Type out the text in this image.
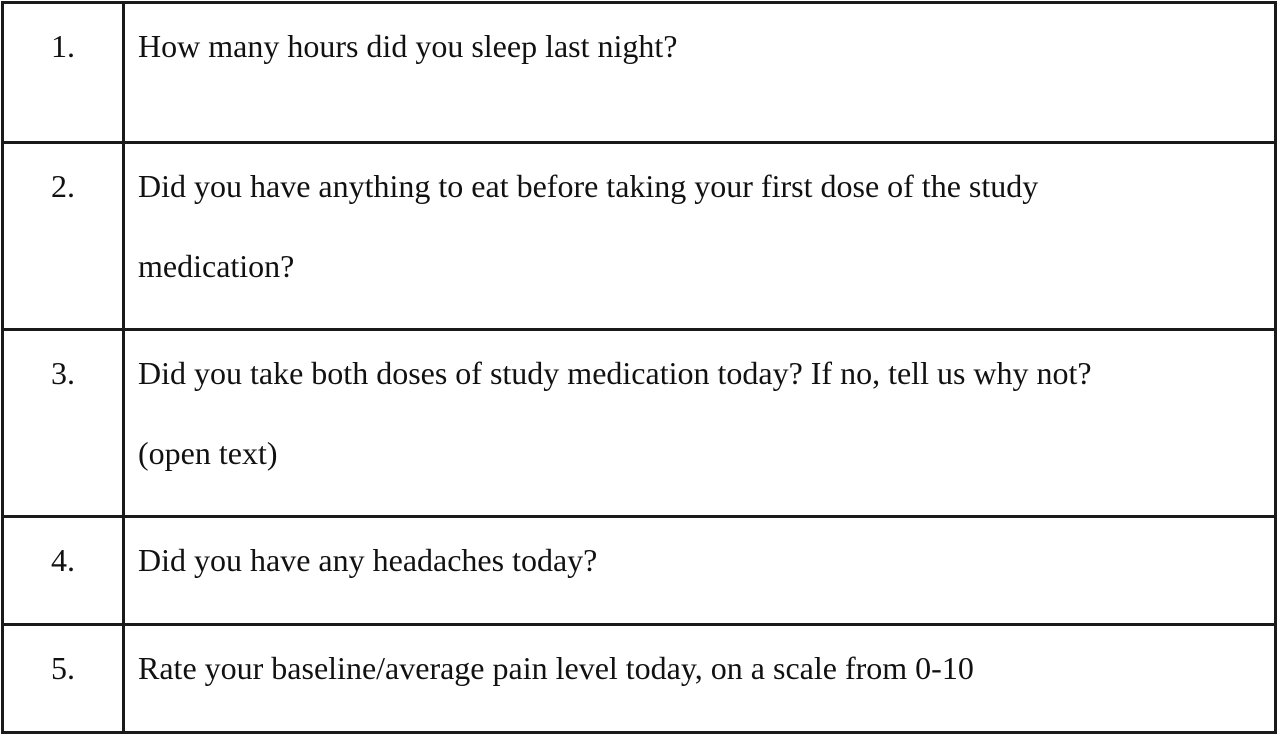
1.	How many hours did you sleep last night?

2.	Did you have anything to eat before taking your first dose of the study
medication?

3.	Did you take both doses of study medication today? If no, tell us why not?
(open text)

4.	Did you have any headaches today?

5.	Rate your baseline/average pain level today, on a scale from 0-10
